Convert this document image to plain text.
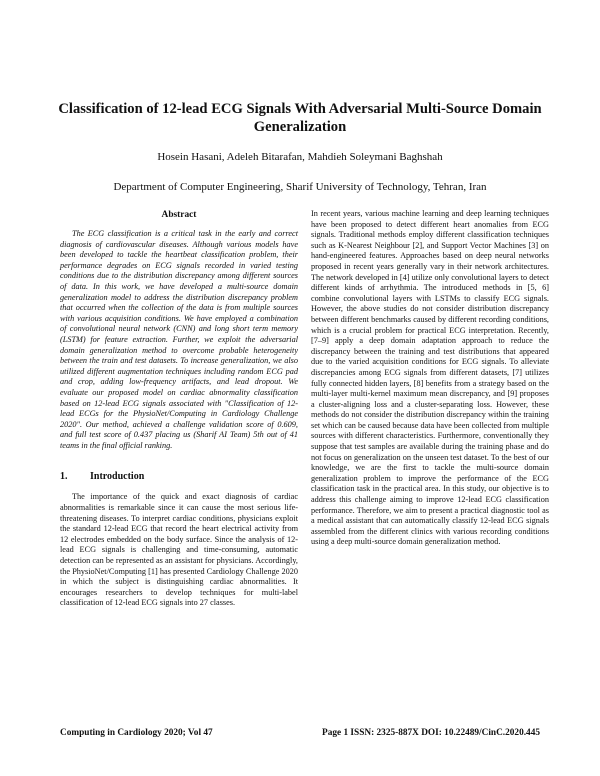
Classification of 12-lead ECG Signals With Adversarial Multi-Source Domain
Generalization

Hosein Hasani, Adeleh Bitarafan, Mahdieh Soleymani Baghshah

Department of Computer Engineering, Sharif University of Technology, Tehran, Iran

Abstract

The ECG classification is a critical task in the early and correct diagnosis of cardiovascular diseases. Although various models have been developed to tackle the heartbeat classification problem, their performance degrades on ECG signals recorded in varied testing conditions due to the distribution discrepancy among different sources of data. In this work, we have developed a multi-source domain generalization model to address the distribution discrepancy problem that occurred when the collection of the data is from multiple sources with various acquisition conditions. We have employed a combination of convolutional neural network (CNN) and long short term memory (LSTM) for feature extraction. Further, we exploit the adversarial domain generalization method to overcome probable heterogeneity between the train and test datasets. To increase generalization, we also utilized different augmentation techniques including random ECG pad and crop, adding low-frequency artifacts, and lead dropout. We evaluate our proposed model on cardiac abnormality classification based on 12-lead ECG signals associated with "Classification of 12-lead ECGs for the PhysioNet/Computing in Cardiology Challenge 2020". Our method, achieved a challenge validation score of 0.609, and full test score of 0.437 placing us (Sharif AI Team) 5th out of 41 teams in the final official ranking.

1. Introduction

The importance of the quick and exact diagnosis of cardiac abnormalities is remarkable since it can cause the most serious life-threatening diseases. To interpret cardiac conditions, physicians exploit the standard 12-lead ECG that record the heart electrical activity from 12 electrodes embedded on the body surface. Since the analysis of 12-lead ECG signals is challenging and time-consuming, automatic detection can be represented as an assistant for physicians. Accordingly, the PhysioNet/Computing [1] has presented Cardiology Challenge 2020 in which the subject is distinguishing cardiac abnormalities. It encourages researchers to develop techniques for multi-label classification of 12-lead ECG signals into 27 classes.

In recent years, various machine learning and deep learning techniques have been proposed to detect different heart anomalies from ECG signals. Traditional methods employ different classification techniques such as K-Nearest Neighbour [2], and Support Vector Machines [3] on hand-engineered features. Approaches based on deep neural networks proposed in recent years generally vary in their network architectures. The network developed in [4] utilize only convolutional layers to detect different kinds of arrhythmia. The introduced methods in [5, 6] combine convolutional layers with LSTMs to classify ECG signals. However, the above studies do not consider distribution discrepancy between different benchmarks caused by different recording conditions, which is a crucial problem for practical ECG interpretation. Recently, [7–9] apply a deep domain adaptation approach to reduce the discrepancy between the training and test distributions that appeared due to the varied acquisition conditions for ECG signals. To alleviate discrepancies among ECG signals from different datasets, [7] utilizes fully connected hidden layers, [8] benefits from a strategy based on the multi-layer multi-kernel maximum mean discrepancy, and [9] proposes a cluster-aligning loss and a cluster-separating loss. However, these methods do not consider the distribution discrepancy within the training set which can be caused because data have been collected from multiple sources with different characteristics. Furthermore, conventionally they suppose that test samples are available during the training phase and do not focus on generalization on the unseen test dataset. To the best of our knowledge, we are the first to tackle the multi-source domain generalization problem to improve the performance of the ECG classification task in the practical area. In this study, our objective is to address this challenge aiming to improve 12-lead ECG classification performance. Therefore, we aim to present a practical diagnostic tool as a medical assistant that can automatically classify 12-lead ECG signals assembled from the different clinics with various recording conditions using a deep multi-source domain generalization method.

Computing in Cardiology 2020; Vol 47	Page 1 ISSN: 2325-887X DOI: 10.22489/CinC.2020.445
